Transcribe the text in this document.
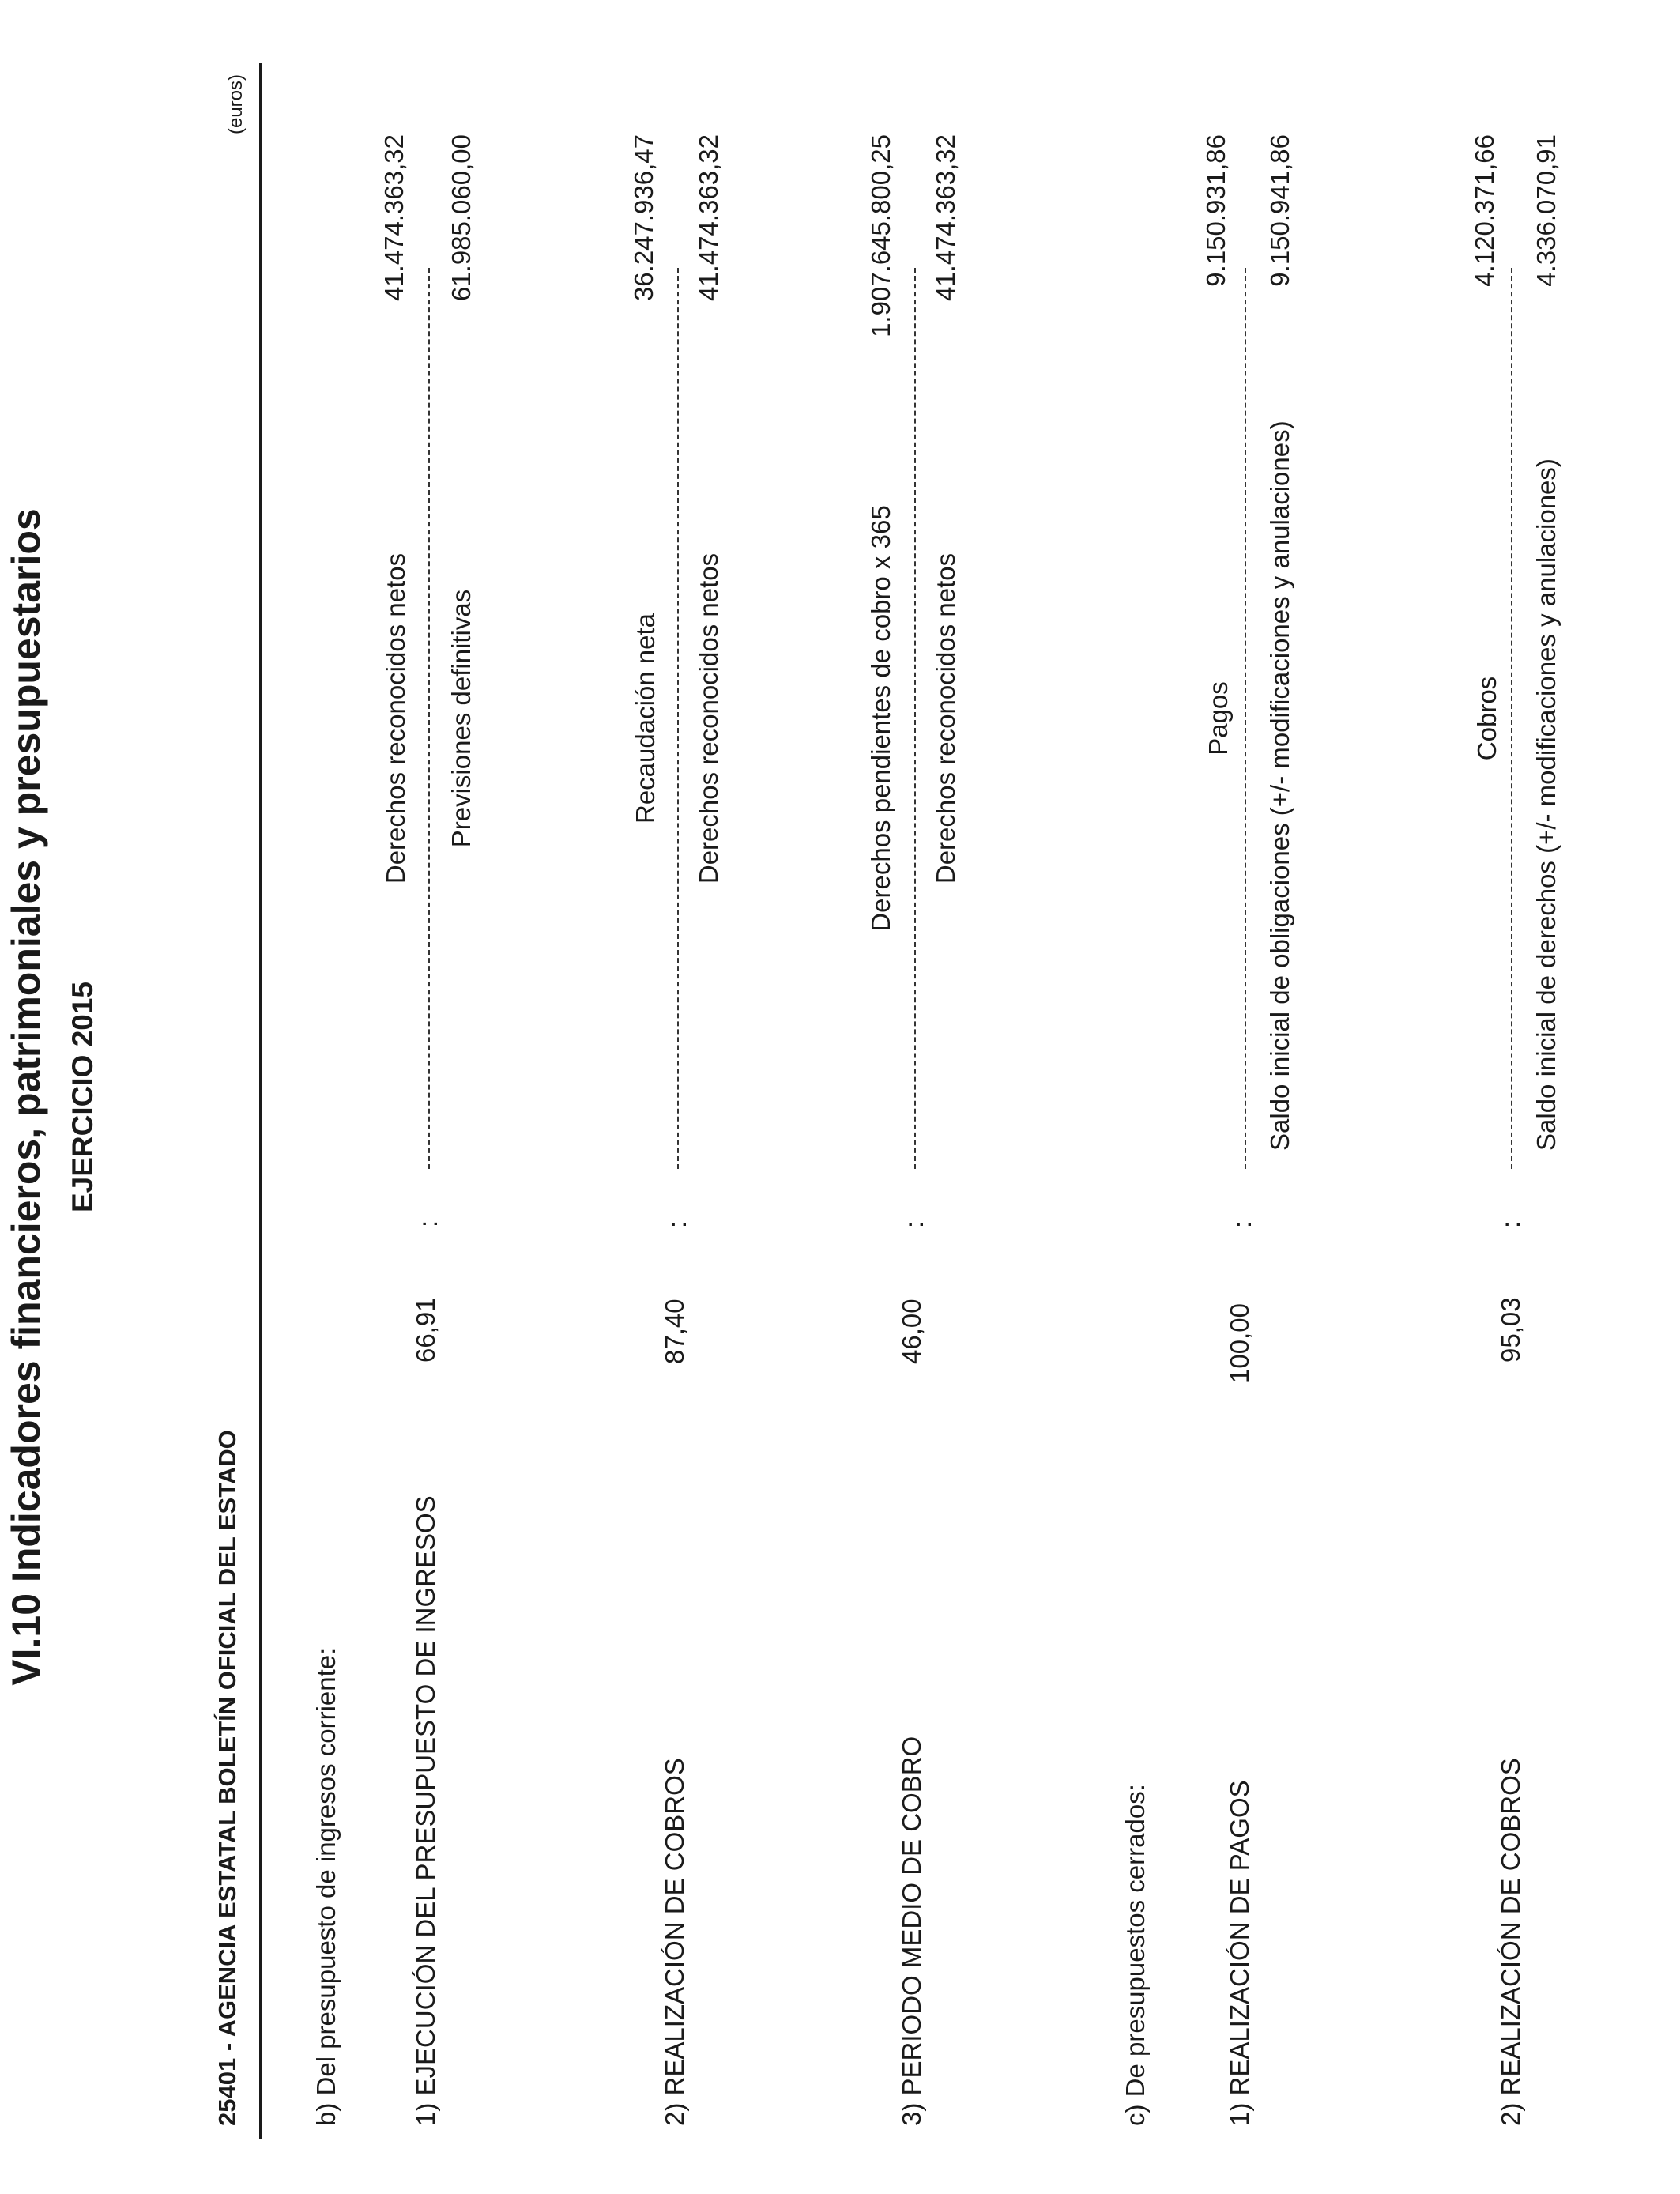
VI.10 Indicadores financieros, patrimoniales y presupuestarios EJERCICIO 2015
25401 - AGENCIA ESTATAL BOLETÍN OFICIAL DEL ESTADO
(euros)
b) Del presupuesto de ingresos corriente:	1) EJECUCIÓN DEL PRESUPUESTO DE INGRESOS
66,91
:
Derechos reconocidos netos Previsiones definitivas
41.474.363,32 61.985.060,00
2) REALIZACIÓN DE COBROS
87,40
:
Recaudación neta Derechos reconocidos netos
36.247.936,47 41.474.363,32
3) PERIODO MEDIO DE COBRO
46,00
:
Derechos pendientes de cobro x 365 Derechos reconocidos netos
1.907.645.800,25 41.474.363,32
c) De presupuestos cerrados:	1) REALIZACIÓN DE PAGOS
100,00
:
Pagos Saldo inicial de obligaciones (+/- modificaciones y anulaciones)
9.150.931,86 9.150.941,86
2) REALIZACIÓN DE COBROS
95,03
:
Cobros Saldo inicial de derechos (+/- modificaciones y anulaciones)
4.120.371,66 4.336.070,91
